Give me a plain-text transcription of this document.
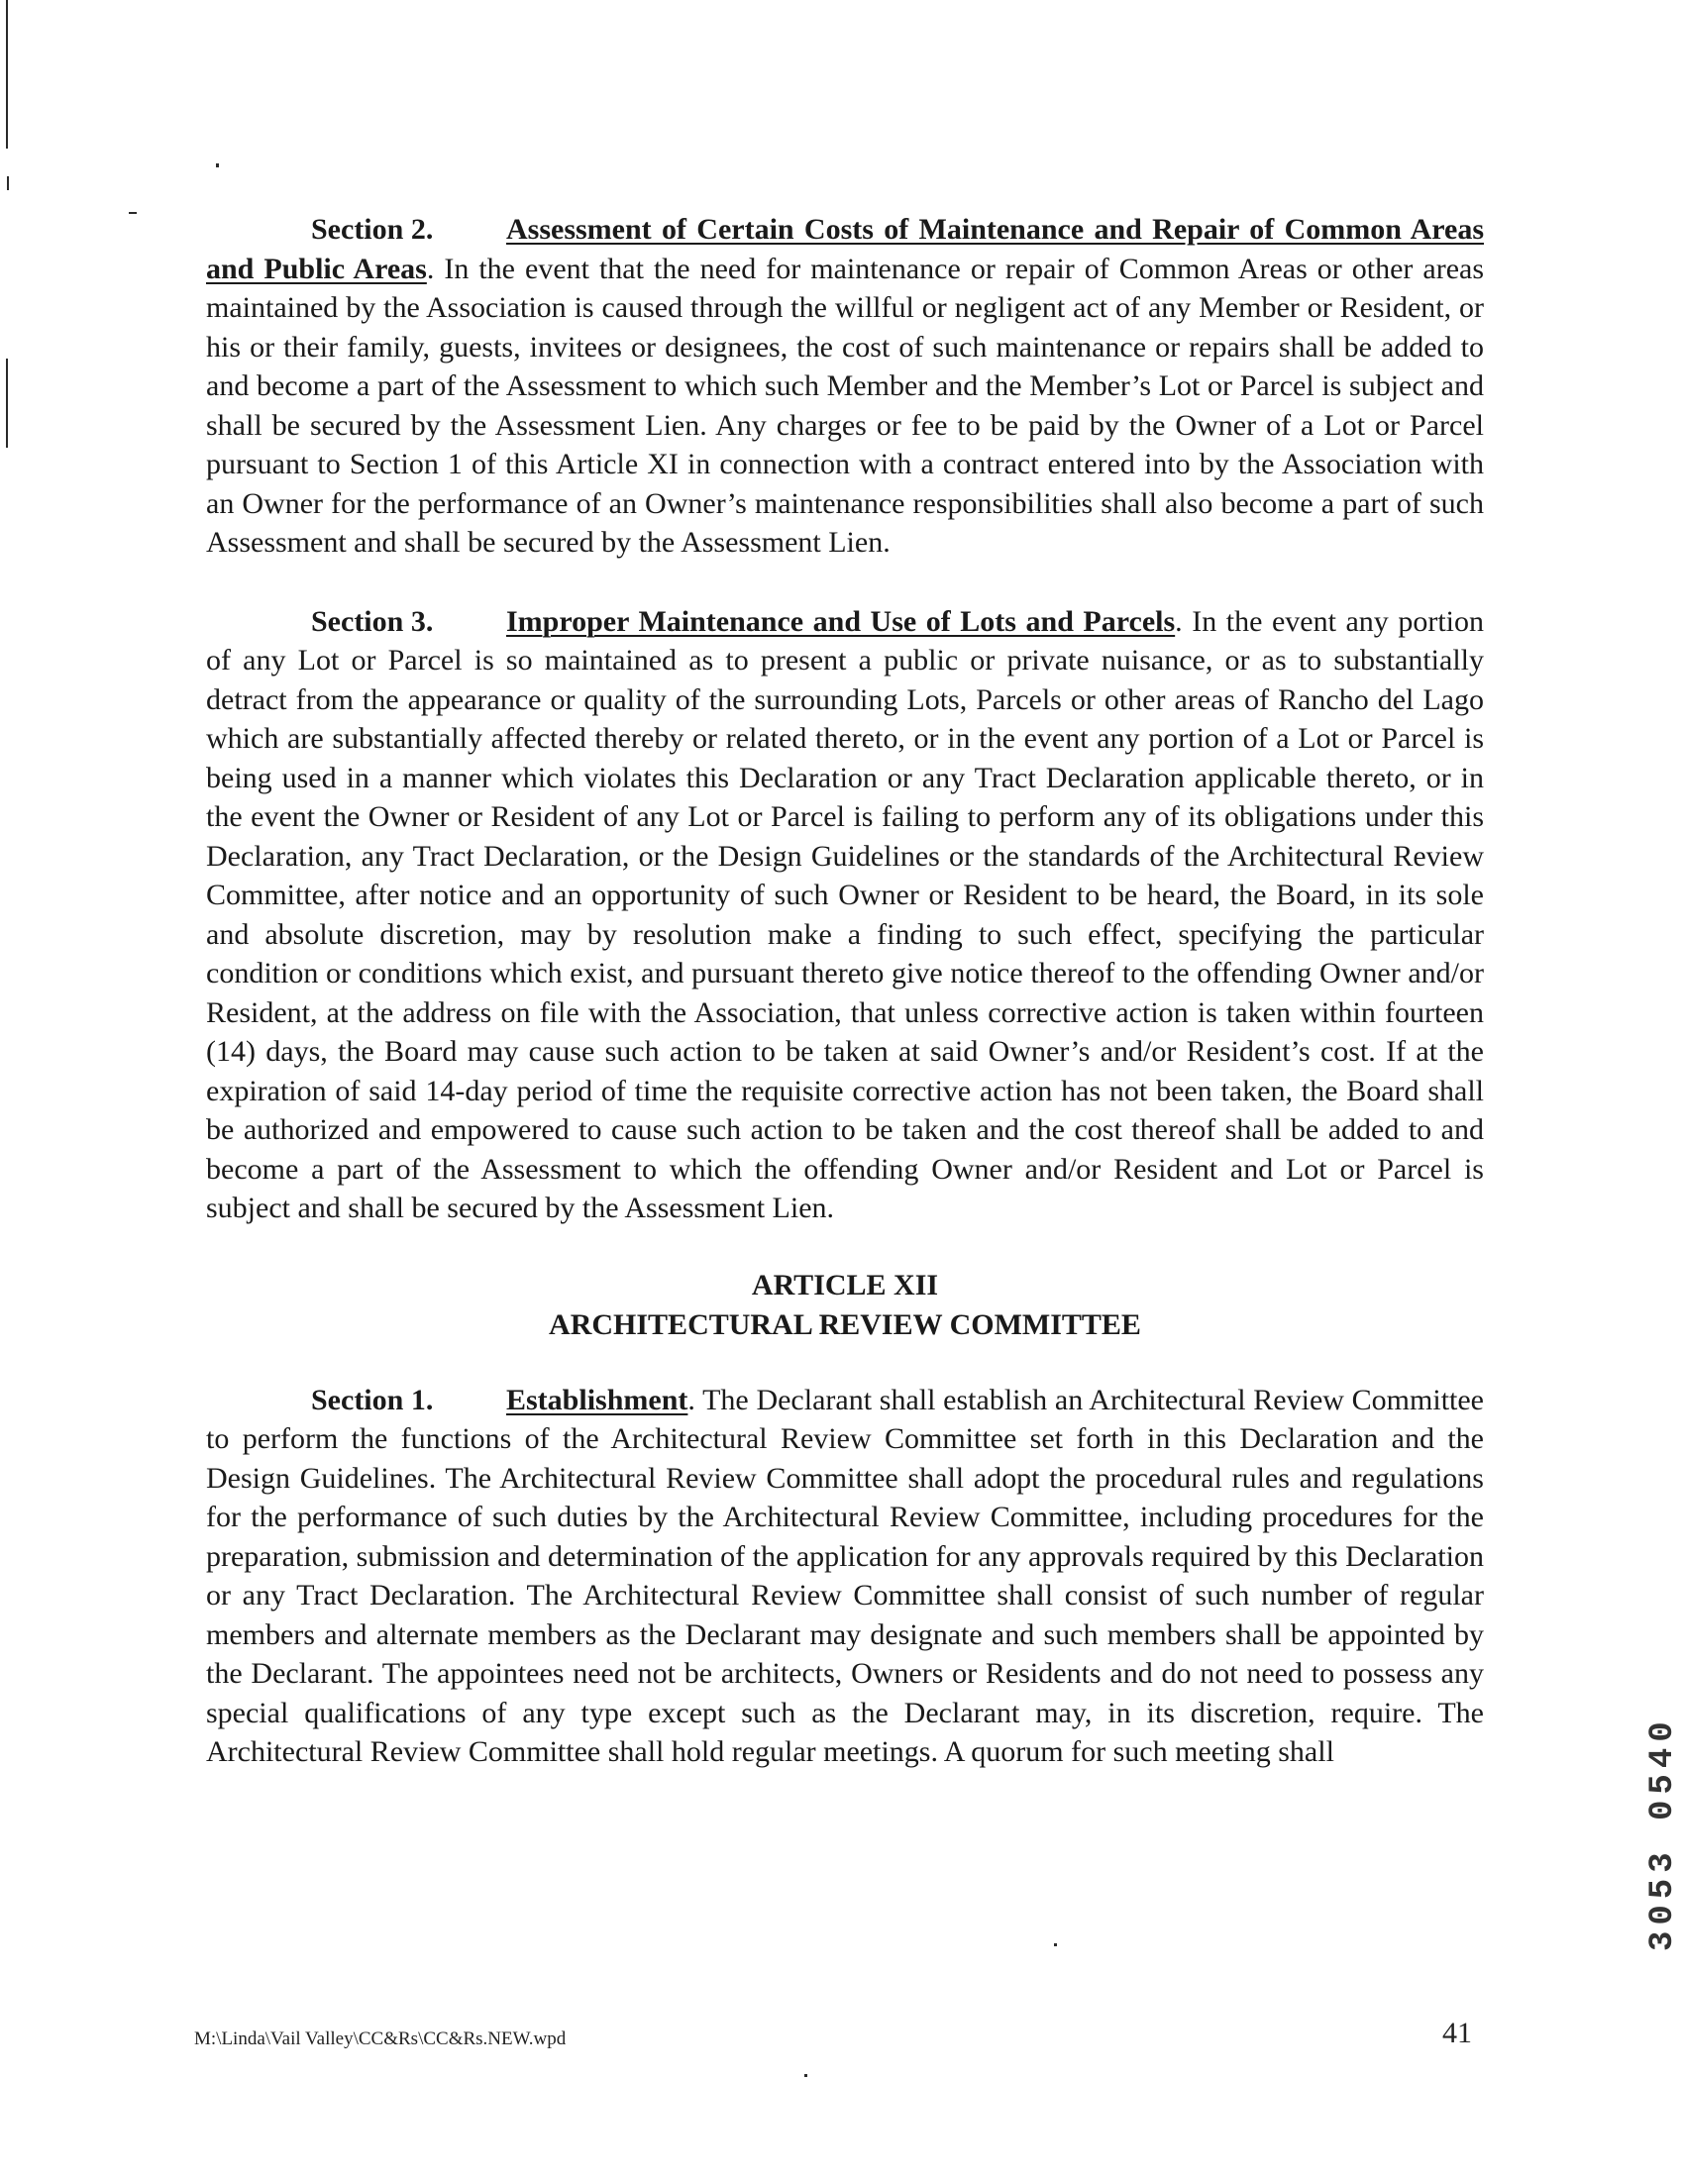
Section 2. Assessment of Certain Costs of Maintenance and Repair of Common Areas and Public Areas. In the event that the need for maintenance or repair of Common Areas or other areas maintained by the Association is caused through the willful or negligent act of any Member or Resident, or his or their family, guests, invitees or designees, the cost of such maintenance or repairs shall be added to and become a part of the Assessment to which such Member and the Member’s Lot or Parcel is subject and shall be secured by the Assessment Lien. Any charges or fee to be paid by the Owner of a Lot or Parcel pursuant to Section 1 of this Article XI in connection with a contract entered into by the Association with an Owner for the performance of an Owner’s maintenance responsibilities shall also become a part of such Assessment and shall be secured by the Assessment Lien.

Section 3. Improper Maintenance and Use of Lots and Parcels. In the event any portion of any Lot or Parcel is so maintained as to present a public or private nuisance, or as to substantially detract from the appearance or quality of the surrounding Lots, Parcels or other areas of Rancho del Lago which are substantially affected thereby or related thereto, or in the event any portion of a Lot or Parcel is being used in a manner which violates this Declaration or any Tract Declaration applicable thereto, or in the event the Owner or Resident of any Lot or Parcel is failing to perform any of its obligations under this Declaration, any Tract Declaration, or the Design Guidelines or the standards of the Architectural Review Committee, after notice and an opportunity of such Owner or Resident to be heard, the Board, in its sole and absolute discretion, may by resolution make a finding to such effect, specifying the particular condition or conditions which exist, and pursuant thereto give notice thereof to the offending Owner and/or Resident, at the address on file with the Association, that unless corrective action is taken within fourteen (14) days, the Board may cause such action to be taken at said Owner’s and/or Resident’s cost. If at the expiration of said 14-day period of time the requisite corrective action has not been taken, the Board shall be authorized and empowered to cause such action to be taken and the cost thereof shall be added to and become a part of the Assessment to which the offending Owner and/or Resident and Lot or Parcel is subject and shall be secured by the Assessment Lien.

ARTICLE XII
ARCHITECTURAL REVIEW COMMITTEE

Section 1. Establishment. The Declarant shall establish an Architectural Review Committee to perform the functions of the Architectural Review Committee set forth in this Declaration and the Design Guidelines. The Architectural Review Committee shall adopt the procedural rules and regulations for the performance of such duties by the Architectural Review Committee, including procedures for the preparation, submission and determination of the application for any approvals required by this Declaration or any Tract Declaration. The Architectural Review Committee shall consist of such number of regular members and alternate members as the Declarant may designate and such members shall be appointed by the Declarant. The appointees need not be architects, Owners or Residents and do not need to possess any special qualifications of any type except such as the Declarant may, in its discretion, require. The Architectural Review Committee shall hold regular meetings. A quorum for such meeting shall

M:\Linda\Vail Valley\CC&Rs\CC&Rs.NEW.wpd	41
3053 0540
